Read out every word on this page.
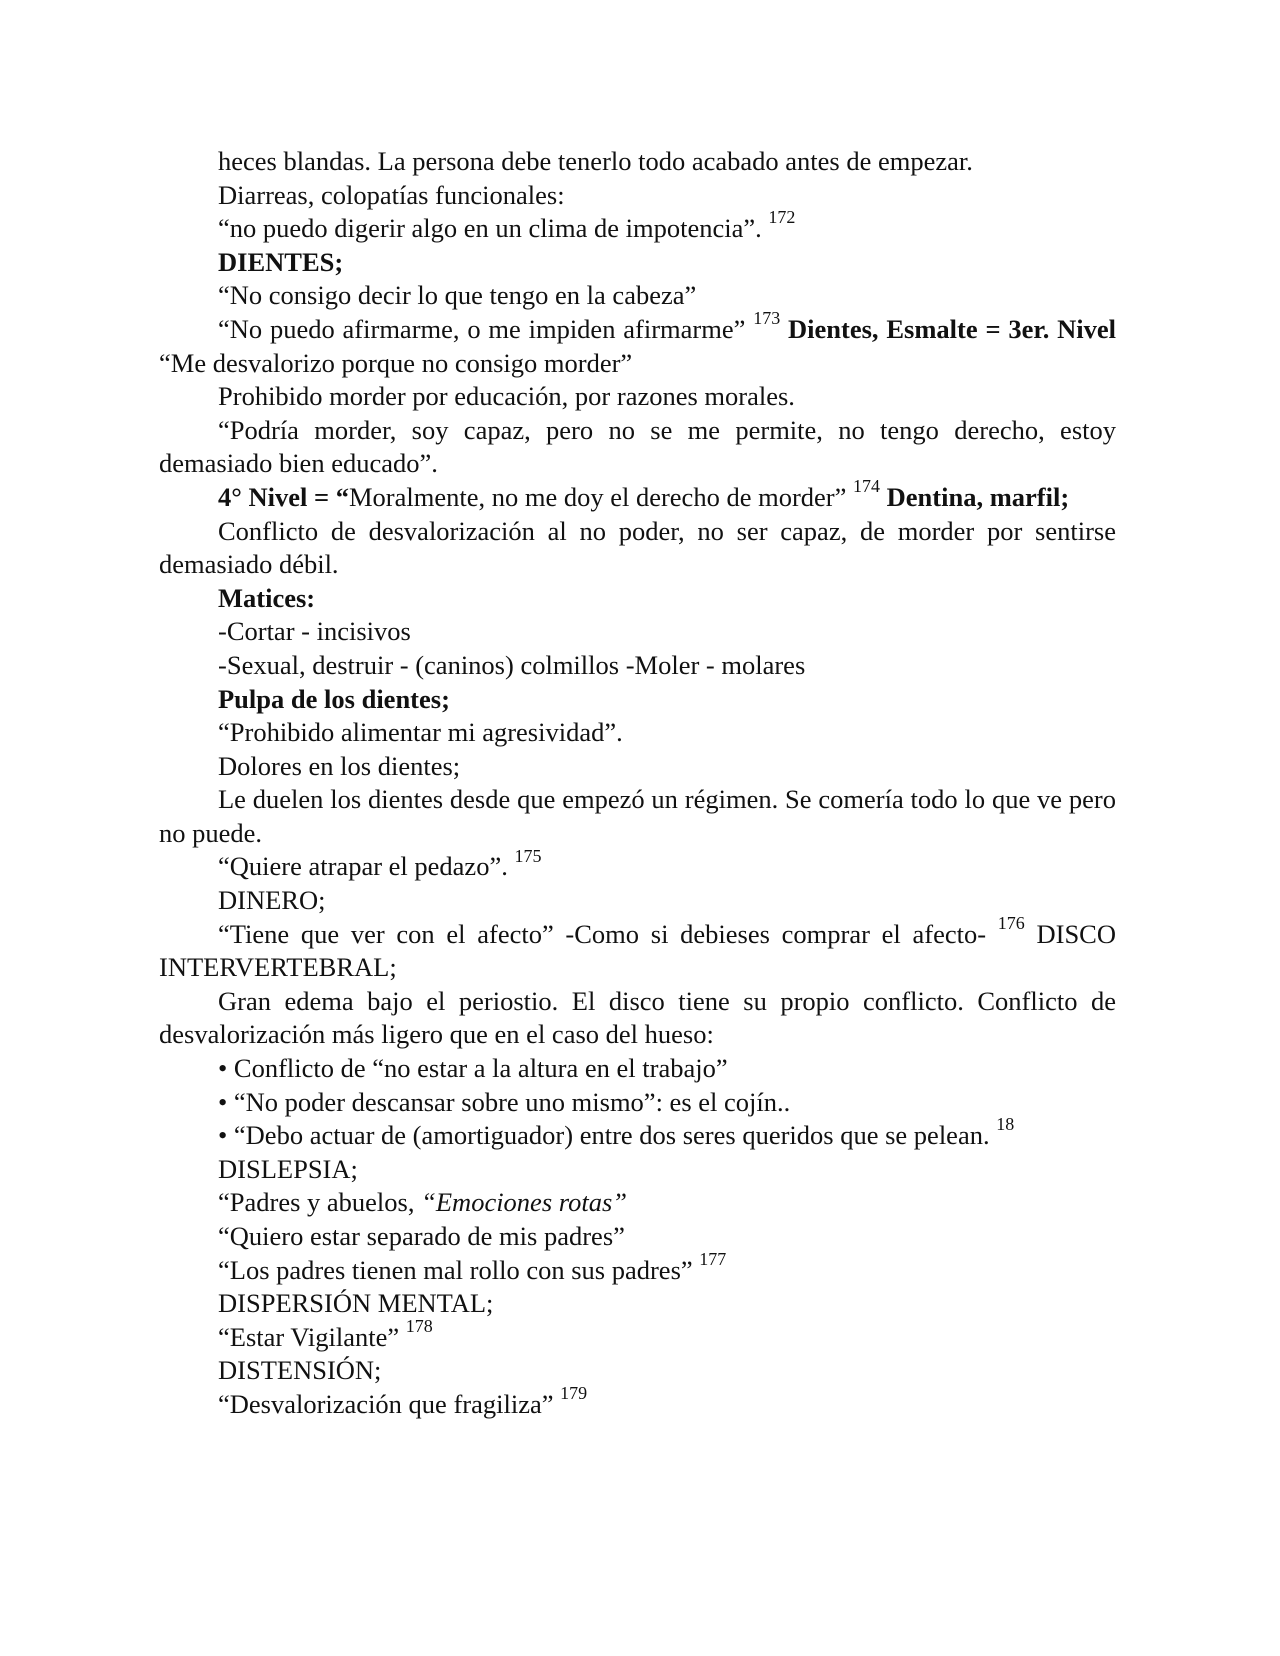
heces blandas. La persona debe tenerlo todo acabado antes de empezar.

Diarreas, colopatías funcionales:

“no puedo digerir algo en un clima de impotencia”. $^{172}$

DIENTES;

“No consigo decir lo que tengo en la cabeza”

“No puedo afirmarme, o me impiden afirmarme” $^{173}$ Dientes, Esmalte = 3er. Nivel “Me desvalorizo porque no consigo morder”

Prohibido morder por educación, por razones morales.

“Podría morder, soy capaz, pero no se me permite, no tengo derecho, estoy demasiado bien educado”.

4° Nivel = “Moralmente, no me doy el derecho de morder” $^{174}$ Dentina, marfil;

Conflicto de desvalorización al no poder, no ser capaz, de morder por sentirse demasiado débil.

Matices:

-Cortar - incisivos

-Sexual, destruir - (caninos) colmillos -Moler - molares

Pulpa de los dientes;

“Prohibido alimentar mi agresividad”.

Dolores en los dientes;

Le duelen los dientes desde que empezó un régimen. Se comería todo lo que ve pero no puede.

“Quiere atrapar el pedazo”. $^{175}$

DINERO;

“Tiene que ver con el afecto” -Como si debieses comprar el afecto- $^{176}$ DISCO INTERVERTEBRAL;

Gran edema bajo el periostio. El disco tiene su propio conflicto. Conflicto de desvalorización más ligero que en el caso del hueso:

• Conflicto de “no estar a la altura en el trabajo”

• “No poder descansar sobre uno mismo”: es el cojín..

• “Debo actuar de (amortiguador) entre dos seres queridos que se pelean. $^{18}$

DISLEPSIA;

“Padres y abuelos, “Emociones rotas”

“Quiero estar separado de mis padres”

“Los padres tienen mal rollo con sus padres” $^{177}$

DISPERSIÓN MENTAL;

“Estar Vigilante” $^{178}$

DISTENSIÓN;

“Desvalorización que fragiliza” $^{179}$
